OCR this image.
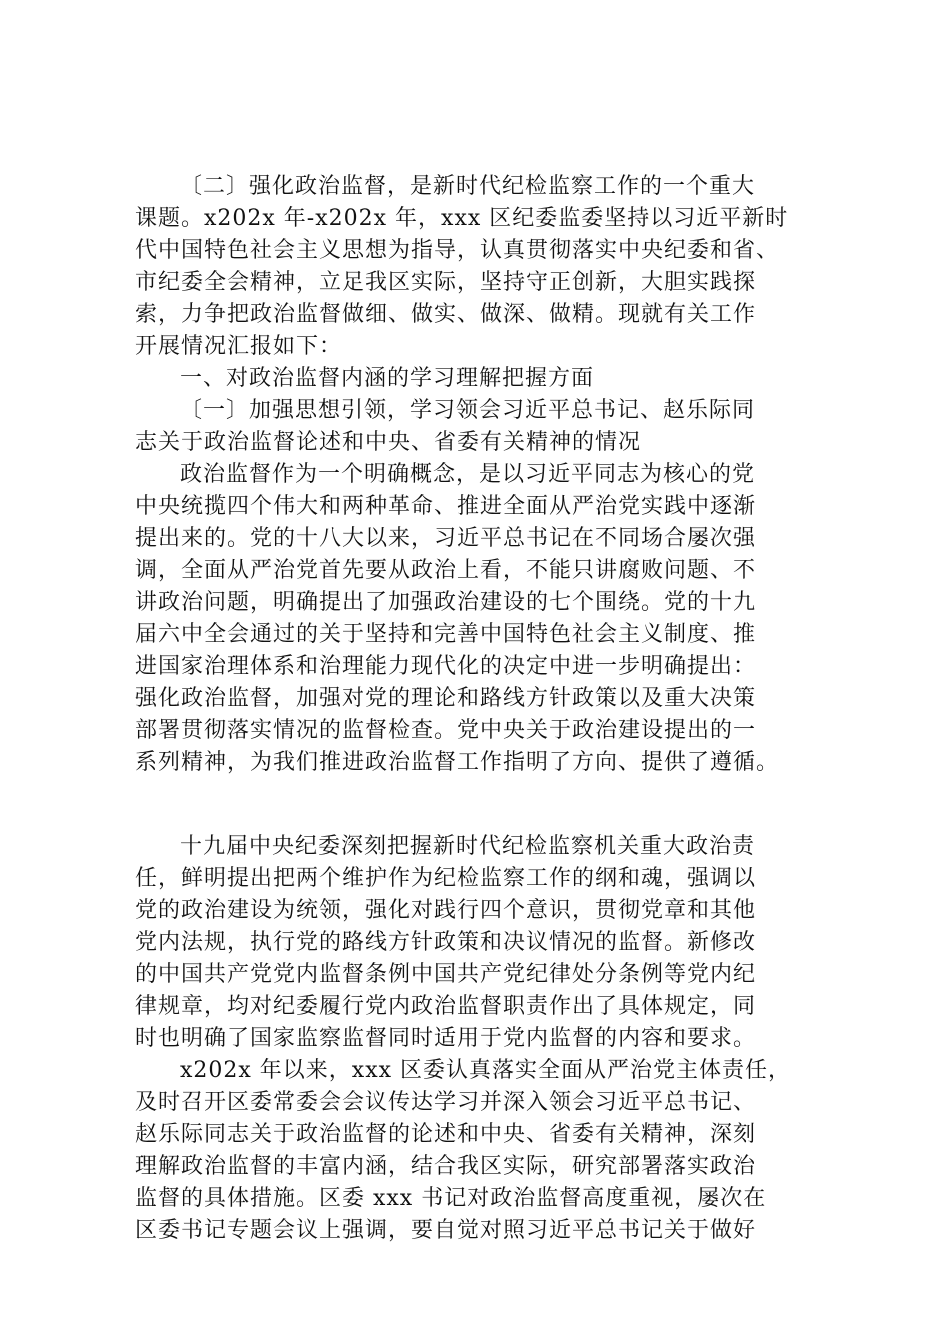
〔二〕强化政治监督，是新时代纪检监察工作的一个重大
课题。x202x 年-x202x 年，xxx 区纪委监委坚持以习近平新时
代中国特色社会主义思想为指导，认真贯彻落实中央纪委和省、
市纪委全会精神，立足我区实际，坚持守正创新，大胆实践探
索，力争把政治监督做细、做实、做深、做精。现就有关工作
开展情况汇报如下：
一、对政治监督内涵的学习理解把握方面
〔一〕加强思想引领，学习领会习近平总书记、赵乐际同
志关于政治监督论述和中央、省委有关精神的情况
政治监督作为一个明确概念，是以习近平同志为核心的党
中央统揽四个伟大和两种革命、推进全面从严治党实践中逐渐
提出来的。党的十八大以来，习近平总书记在不同场合屡次强
调，全面从严治党首先要从政治上看，不能只讲腐败问题、不
讲政治问题，明确提出了加强政治建设的七个围绕。党的十九
届六中全会通过的关于坚持和完善中国特色社会主义制度、推
进国家治理体系和治理能力现代化的决定中进一步明确提出：
强化政治监督，加强对党的理论和路线方针政策以及重大决策
部署贯彻落实情况的监督检查。党中央关于政治建设提出的一
系列精神，为我们推进政治监督工作指明了方向、提供了遵循。
十九届中央纪委深刻把握新时代纪检监察机关重大政治责
任，鲜明提出把两个维护作为纪检监察工作的纲和魂，强调以
党的政治建设为统领，强化对践行四个意识，贯彻党章和其他
党内法规，执行党的路线方针政策和决议情况的监督。新修改
的中国共产党党内监督条例中国共产党纪律处分条例等党内纪
律规章，均对纪委履行党内政治监督职责作出了具体规定，同
时也明确了国家监察监督同时适用于党内监督的内容和要求。
x202x 年以来，xxx 区委认真落实全面从严治党主体责任，
及时召开区委常委会会议传达学习并深入领会习近平总书记、
赵乐际同志关于政治监督的论述和中央、省委有关精神，深刻
理解政治监督的丰富内涵，结合我区实际，研究部署落实政治
监督的具体措施。区委 xxx 书记对政治监督高度重视，屡次在
区委书记专题会议上强调，要自觉对照习近平总书记关于做好
